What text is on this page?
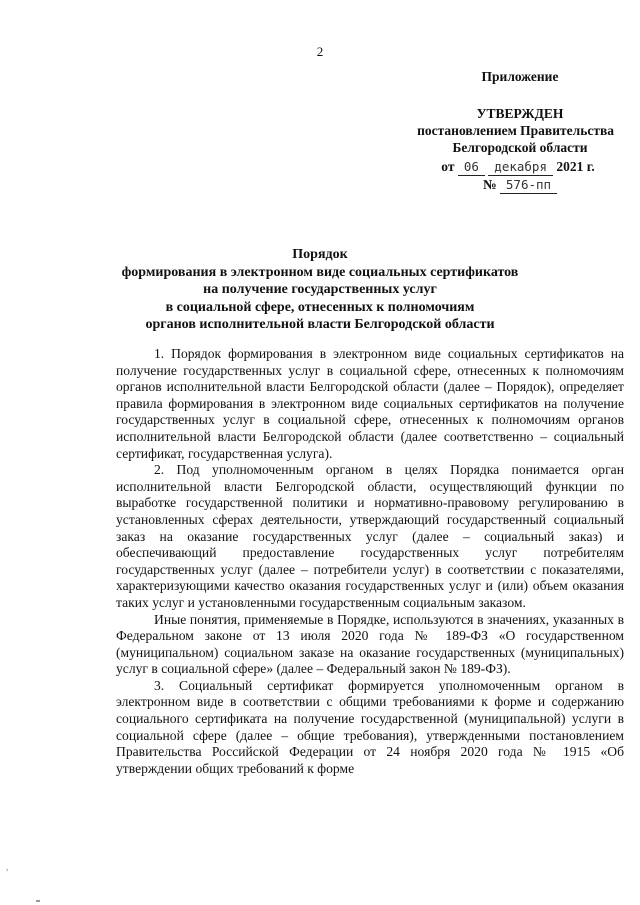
2
Приложение
УТВЕРЖДЕН
постановлением Правительства
Белгородской области
от 06 декабря 2021 г.
№ 576-пп
Порядок
формирования в электронном виде социальных сертификатов
на получение государственных услуг
в социальной сфере, отнесенных к полномочиям
органов исполнительной власти Белгородской области

1. Порядок формирования в электронном виде социальных сертификатов на получение государственных услуг в социальной сфере, отнесенных к полномочиям органов исполнительной власти Белгородской области (далее – Порядок), определяет правила формирования в электронном виде социальных сертификатов на получение государственных услуг в социальной сфере, отнесенных к полномочиям органов исполнительной власти Белгородской области (далее соответственно – социальный сертификат, государственная услуга).

2. Под уполномоченным органом в целях Порядка понимается орган исполнительной власти Белгородской области, осуществляющий функции по выработке государственной политики и нормативно-правовому регулированию в установленных сферах деятельности, утверждающий государственный социальный заказ на оказание государственных услуг (далее – социальный заказ) и обеспечивающий предоставление государственных услуг потребителям государственных услуг (далее – потребители услуг) в соответствии с показателями, характеризующими качество оказания государственных услуг и (или) объем оказания таких услуг и установленными государственным социальным заказом.

Иные понятия, применяемые в Порядке, используются в значениях, указанных в Федеральном законе от 13 июля 2020 года № 189-ФЗ «О государственном (муниципальном) социальном заказе на оказание государственных (муниципальных) услуг в социальной сфере» (далее – Федеральный закон № 189-ФЗ).

3. Социальный сертификат формируется уполномоченным органом в электронном виде в соответствии с общими требованиями к форме и содержанию социального сертификата на получение государственной (муниципальной) услуги в социальной сфере (далее – общие требования), утвержденными постановлением Правительства Российской Федерации от 24 ноября 2020 года № 1915 «Об утверждении общих требований к форме

,
